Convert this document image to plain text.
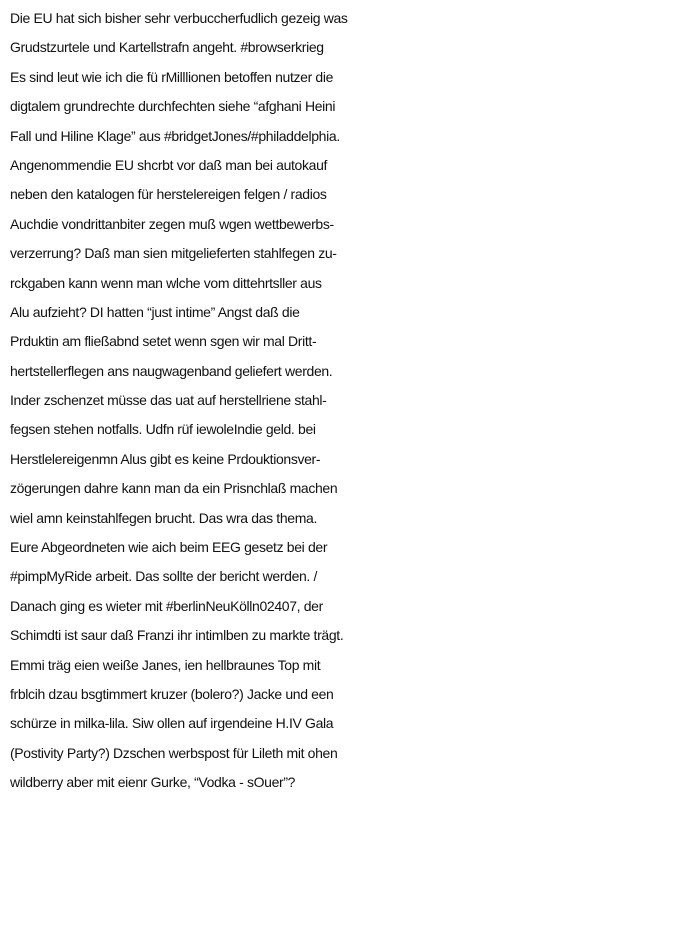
Die EU hat sich bisher sehr verbuccherfudlich gezeig was
Grudstzurtele und Kartellstrafn angeht. #browserkrieg
Es sind leut wie ich die fü rMilllionen betoffen nutzer die
digtalem grundrechte durchfechten siehe “afghani Heini
Fall und Hiline Klage” aus #bridgetJones/#philaddelphia.
Angenommendie EU shcrbt vor daß man bei autokauf
neben den katalogen für herstelereigen felgen / radios
Auchdie vondrittanbiter zegen muß wgen wettbewerbs-
verzerrung? Daß man sien mitgelieferten stahlfegen zu-
rckgaben kann wenn man wlche vom dittehrtsller aus
Alu aufzieht? DI hatten “just intime” Angst daß die
Prduktin am fließabnd setet wenn sgen wir mal Dritt-
hertstellerflegen ans naugwagenband geliefert werden.
Inder zschenzet müsse das uat auf herstellriene stahl-
fegsen stehen notfalls. Udfn rüf iewoleIndie geld. bei
Herstlelereigenmn Alus gibt es keine Prdouktionsver-
zögerungen dahre kann man da ein Prisnchlaß machen
wiel amn keinstahlfegen brucht. Das wra das thema.
Eure Abgeordneten wie aich beim EEG gesetz bei der
#pimpMyRide arbeit. Das sollte der bericht werden. /
Danach ging es wieter mit #berlinNeuKölln02407, der
Schimdti ist saur daß Franzi ihr intimlben zu markte trägt.
Emmi träg eien weiße Janes, ien hellbraunes Top mit
frblcih dzau bsgtimmert kruzer (bolero?) Jacke und een
schürze in milka-lila. Siw ollen auf irgendeine H.IV Gala
(Postivity Party?) Dzschen werbspost für Lileth mit ohen
wildberry aber mit eienr Gurke, “Vodka - sOuer”?
